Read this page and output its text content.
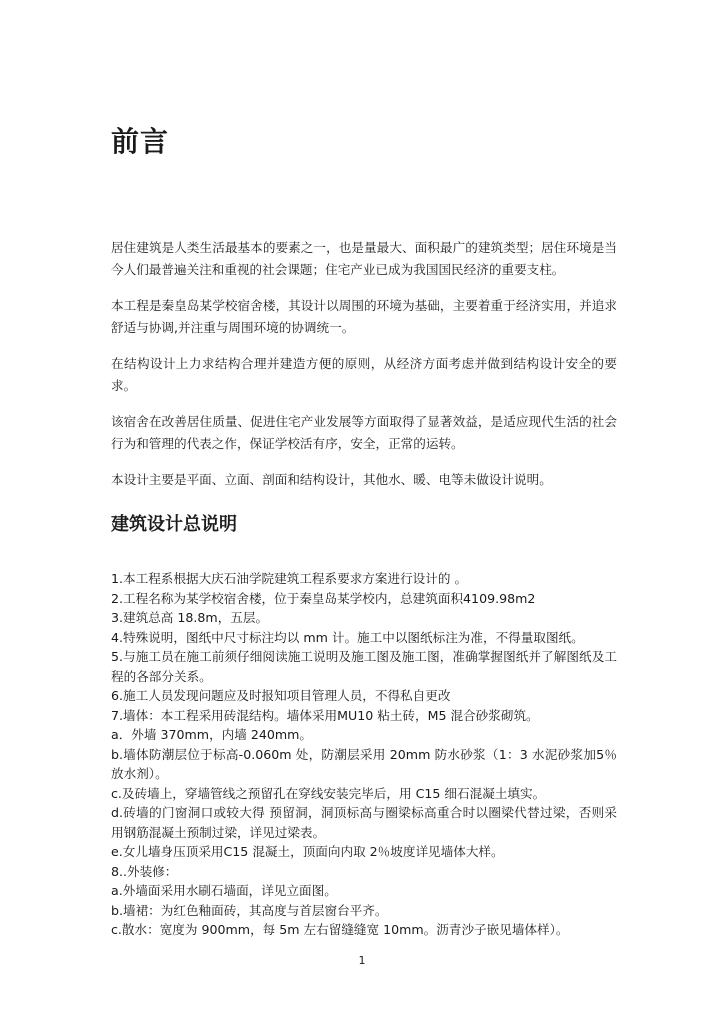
前言

居住建筑是人类生活最基本的要素之一，也是量最大、面积最广的建筑类型；居住环境是当今人们最普遍关注和重视的社会课题；住宅产业已成为我国国民经济的重要支柱。

本工程是秦皇岛某学校宿舍楼，其设计以周围的环境为基础，主要着重于经济实用，并追求舒适与协调,并注重与周围环境的协调统一。

在结构设计上力求结构合理并建造方便的原则，从经济方面考虑并做到结构设计安全的要求。

该宿舍在改善居住质量、促进住宅产业发展等方面取得了显著效益，是适应现代生活的社会行为和管理的代表之作，保证学校活有序，安全，正常的运转。

本设计主要是平面、立面、剖面和结构设计，其他水、暖、电等未做设计说明。

建筑设计总说明
1.本工程系根据大庆石油学院建筑工程系要求方案进行设计的 。
2.工程名称为某学校宿舍楼，位于秦皇岛某学校内，总建筑面积4109.98m2
3.建筑总高 18.8m，五层。
4.特殊说明，图纸中尺寸标注均以 mm 计。施工中以图纸标注为准，不得量取图纸。
5.与施工员在施工前须仔细阅读施工说明及施工图及施工图，准确掌握图纸并了解图纸及工程的各部分关系。
6.施工人员发现问题应及时报知项目管理人员，不得私自更改
7.墙体：本工程采用砖混结构。墙体采用MU10 粘土砖，M5 混合砂浆砌筑。
a．外墙 370mm，内墙 240mm。
b.墙体防潮层位于标高-0.060m 处，防潮层采用 20mm 防水砂浆（1：3 水泥砂浆加5％放水剂）。
c.及砖墙上，穿墙管线之预留孔在穿线安装完毕后，用 C15 细石混凝土填实。
d.砖墙的门窗洞口或较大得 预留洞，洞顶标高与圈梁标高重合时以圈梁代替过梁，否则采用钢筋混凝土预制过梁，详见过梁表。
e.女儿墙身压顶采用C15 混凝土，顶面向内取 2％坡度详见墙体大样。
8..外装修：
a.外墙面采用水刷石墙面，详见立面图。
b.墙裙：为红色釉面砖，其高度与首层窗台平齐。
c.散水：宽度为 900mm，每 5m 左右留缝缝宽 10mm。沥青沙子嵌见墙体样）。
1
